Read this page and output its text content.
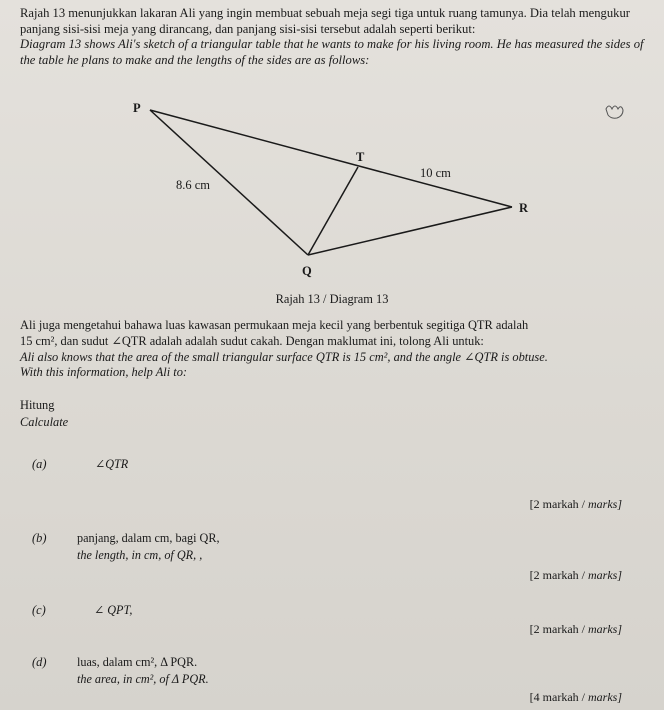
Rajah 13 menunjukkan lakaran Ali yang ingin membuat sebuah meja segi tiga untuk ruang tamunya. Dia telah mengukur panjang sisi-sisi meja yang dirancang, dan panjang sisi-sisi tersebut adalah seperti berikut:

Diagram 13 shows Ali's sketch of a triangular table that he wants to make for his living room. He has measured the sides of the table he plans to make and the lengths of the sides are as follows:

P
Q
R
T
8.6 cm
10 cm
Rajah 13 / Diagram 13

Ali juga mengetahui bahawa luas kawasan permukaan meja kecil yang berbentuk segitiga QTR adalah

15 cm², dan sudut ∠QTR adalah adalah sudut cakah. Dengan maklumat ini, tolong Ali untuk:

Ali also knows that the area of the small triangular surface QTR is 15 cm², and the angle ∠QTR is obtuse.

With this information, help Ali to:

Hitung

Calculate

(a)	∠QTR

[2 markah / marks]
(b)	panjang, dalam cm, bagi QR,

the length, in cm, of QR, ,

[2 markah / marks]
(c)	∠ QPT,

[2 markah / marks]
(d)	luas, dalam cm², Δ PQR.

the area, in cm², of Δ PQR.

[4 markah / marks]
